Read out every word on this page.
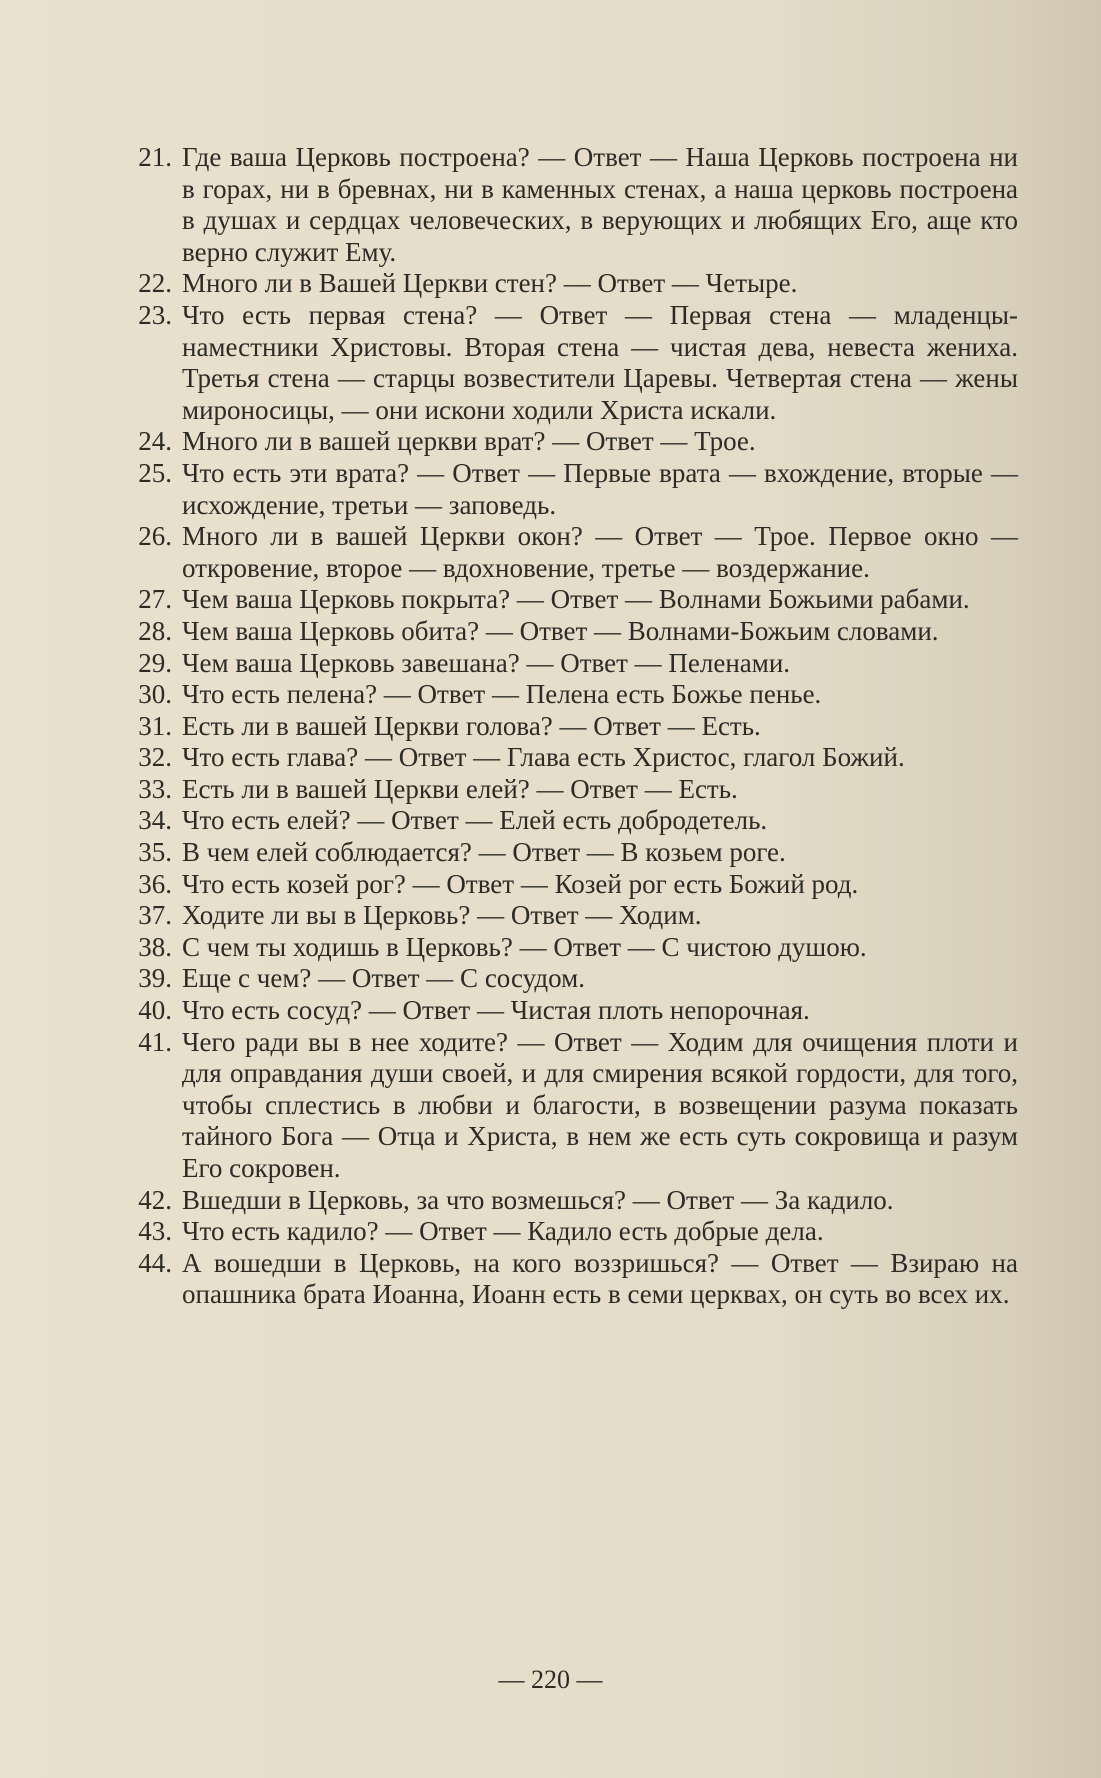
21. Где ваша Церковь построена? — Ответ — Наша Церковь построена ни в горах, ни в бревнах, ни в каменных стенах, а наша церковь построена в душах и сердцах человеческих, в верующих и любящих Его, аще кто верно служит Ему.
22. Много ли в Вашей Церкви стен? — Ответ — Четыре.
23. Что есть первая стена? — Ответ — Первая стена — младенцы-наместники Христовы. Вторая стена — чистая дева, невеста жениха. Третья стена — старцы возвестители Царевы. Четвертая стена — жены мироносицы, — они искони ходили Христа искали.
24. Много ли в вашей церкви врат? — Ответ — Трое.
25. Что есть эти врата? — Ответ — Первые врата — вхождение, вторые — исхождение, третьи — заповедь.
26. Много ли в вашей Церкви окон? — Ответ — Трое. Первое окно — откровение, второе — вдохновение, третье — воздержание.
27. Чем ваша Церковь покрыта? — Ответ — Волнами Божьими рабами.
28. Чем ваша Церковь обита? — Ответ — Волнами-Божьим словами.
29. Чем ваша Церковь завешана? — Ответ — Пеленами.
30. Что есть пелена? — Ответ — Пелена есть Божье пенье.
31. Есть ли в вашей Церкви голова? — Ответ — Есть.
32. Что есть глава? — Ответ — Глава есть Христос, глагол Божий.
33. Есть ли в вашей Церкви елей? — Ответ — Есть.
34. Что есть елей? — Ответ — Елей есть добродетель.
35. В чем елей соблюдается? — Ответ — В козьем роге.
36. Что есть козей рог? — Ответ — Козей рог есть Божий род.
37. Ходите ли вы в Церковь? — Ответ — Ходим.
38. С чем ты ходишь в Церковь? — Ответ — С чистою душою.
39. Еще с чем? — Ответ — С сосудом.
40. Что есть сосуд? — Ответ — Чистая плоть непорочная.
41. Чего ради вы в нее ходите? — Ответ — Ходим для очищения плоти и для оправдания души своей, и для смирения всякой гордости, для того, чтобы сплестись в любви и благости, в возвещении разума показать тайного Бога — Отца и Христа, в нем же есть суть сокровища и разум Его сокровен.
42. Вшедши в Церковь, за что возмешься? — Ответ — За кадило.
43. Что есть кадило? — Ответ — Кадило есть добрые дела.
44. А вошедши в Церковь, на кого воззришься? — Ответ — Взираю на опашника брата Иоанна, Иоанн есть в семи церквах, он суть во всех их.
— 220 —
